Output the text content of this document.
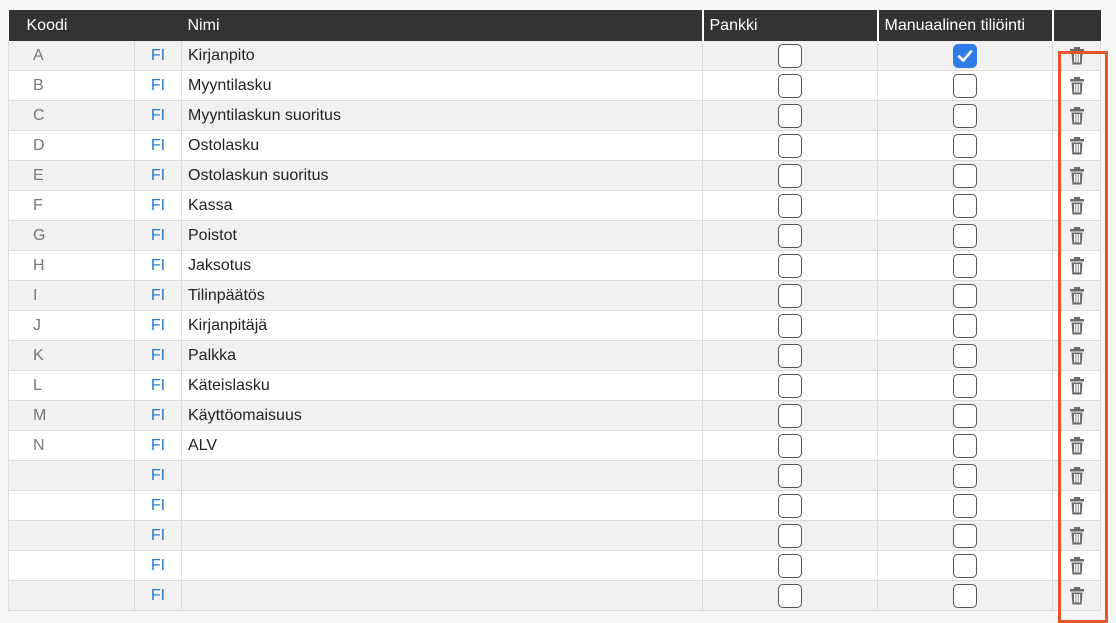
Koodi		Nimi	Pankki	Manuaalinen tiliöinti	
A	FI	Kirjanpito		

B	FI	Myyntilasku			
C	FI	Myyntilaskun suoritus			
D	FI	Ostolasku			
E	FI	Ostolaskun suoritus			
F	FI	Kassa			
G	FI	Poistot			
H	FI	Jaksotus			
I	FI	Tilinpäätös			
J	FI	Kirjanpitäjä			
K	FI	Palkka			
L	FI	Käteislasku			
M	FI	Käyttöomaisuus			
N	FI	ALV			
	FI				
	FI				
	FI				
	FI				
	FI				
